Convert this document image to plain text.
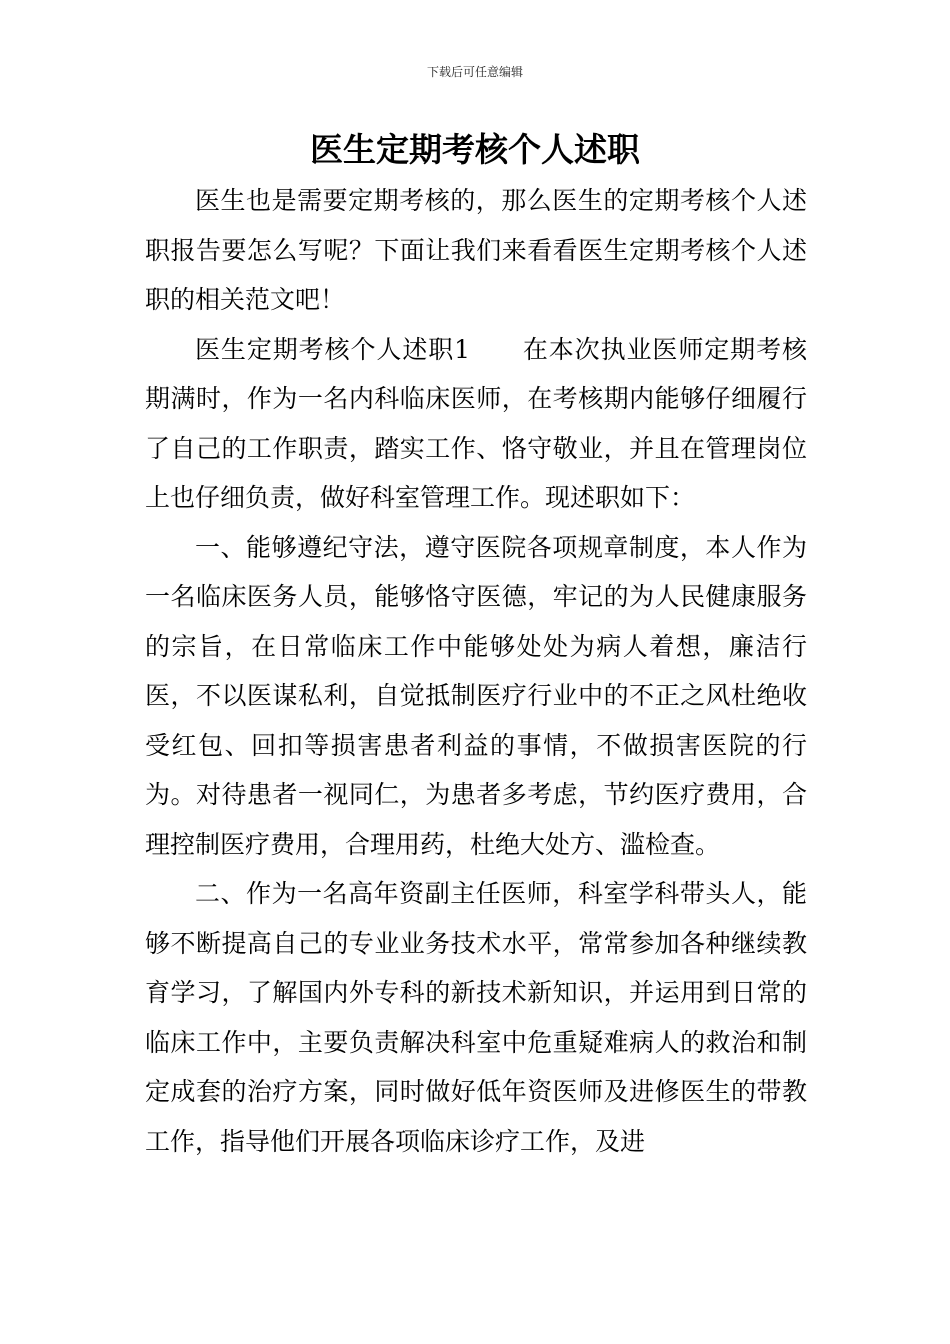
下载后可任意编辑
医生定期考核个人述职

医生也是需要定期考核的，那么医生的定期考核个人述职报告要怎么写呢？下面让我们来看看医生定期考核个人述职的相关范文吧！

医生定期考核个人述职1　　在本次执业医师定期考核期满时，作为一名内科临床医师，在考核期内能够仔细履行了自己的工作职责，踏实工作、恪守敬业，并且在管理岗位上也仔细负责，做好科室管理工作。现述职如下：

一、能够遵纪守法，遵守医院各项规章制度，本人作为一名临床医务人员，能够恪守医德，牢记的为人民健康服务的宗旨，在日常临床工作中能够处处为病人着想，廉洁行医，不以医谋私利，自觉抵制医疗行业中的不正之风杜绝收受红包、回扣等损害患者利益的事情，不做损害医院的行为。对待患者一视同仁，为患者多考虑，节约医疗费用，合理控制医疗费用，合理用药，杜绝大处方、滥检查。

二、作为一名高年资副主任医师，科室学科带头人，能够不断提高自己的专业业务技术水平，常常参加各种继续教育学习，了解国内外专科的新技术新知识，并运用到日常的临床工作中，主要负责解决科室中危重疑难病人的救治和制定成套的治疗方案，同时做好低年资医师及进修医生的带教工作，指导他们开展各项临床诊疗工作，及进
